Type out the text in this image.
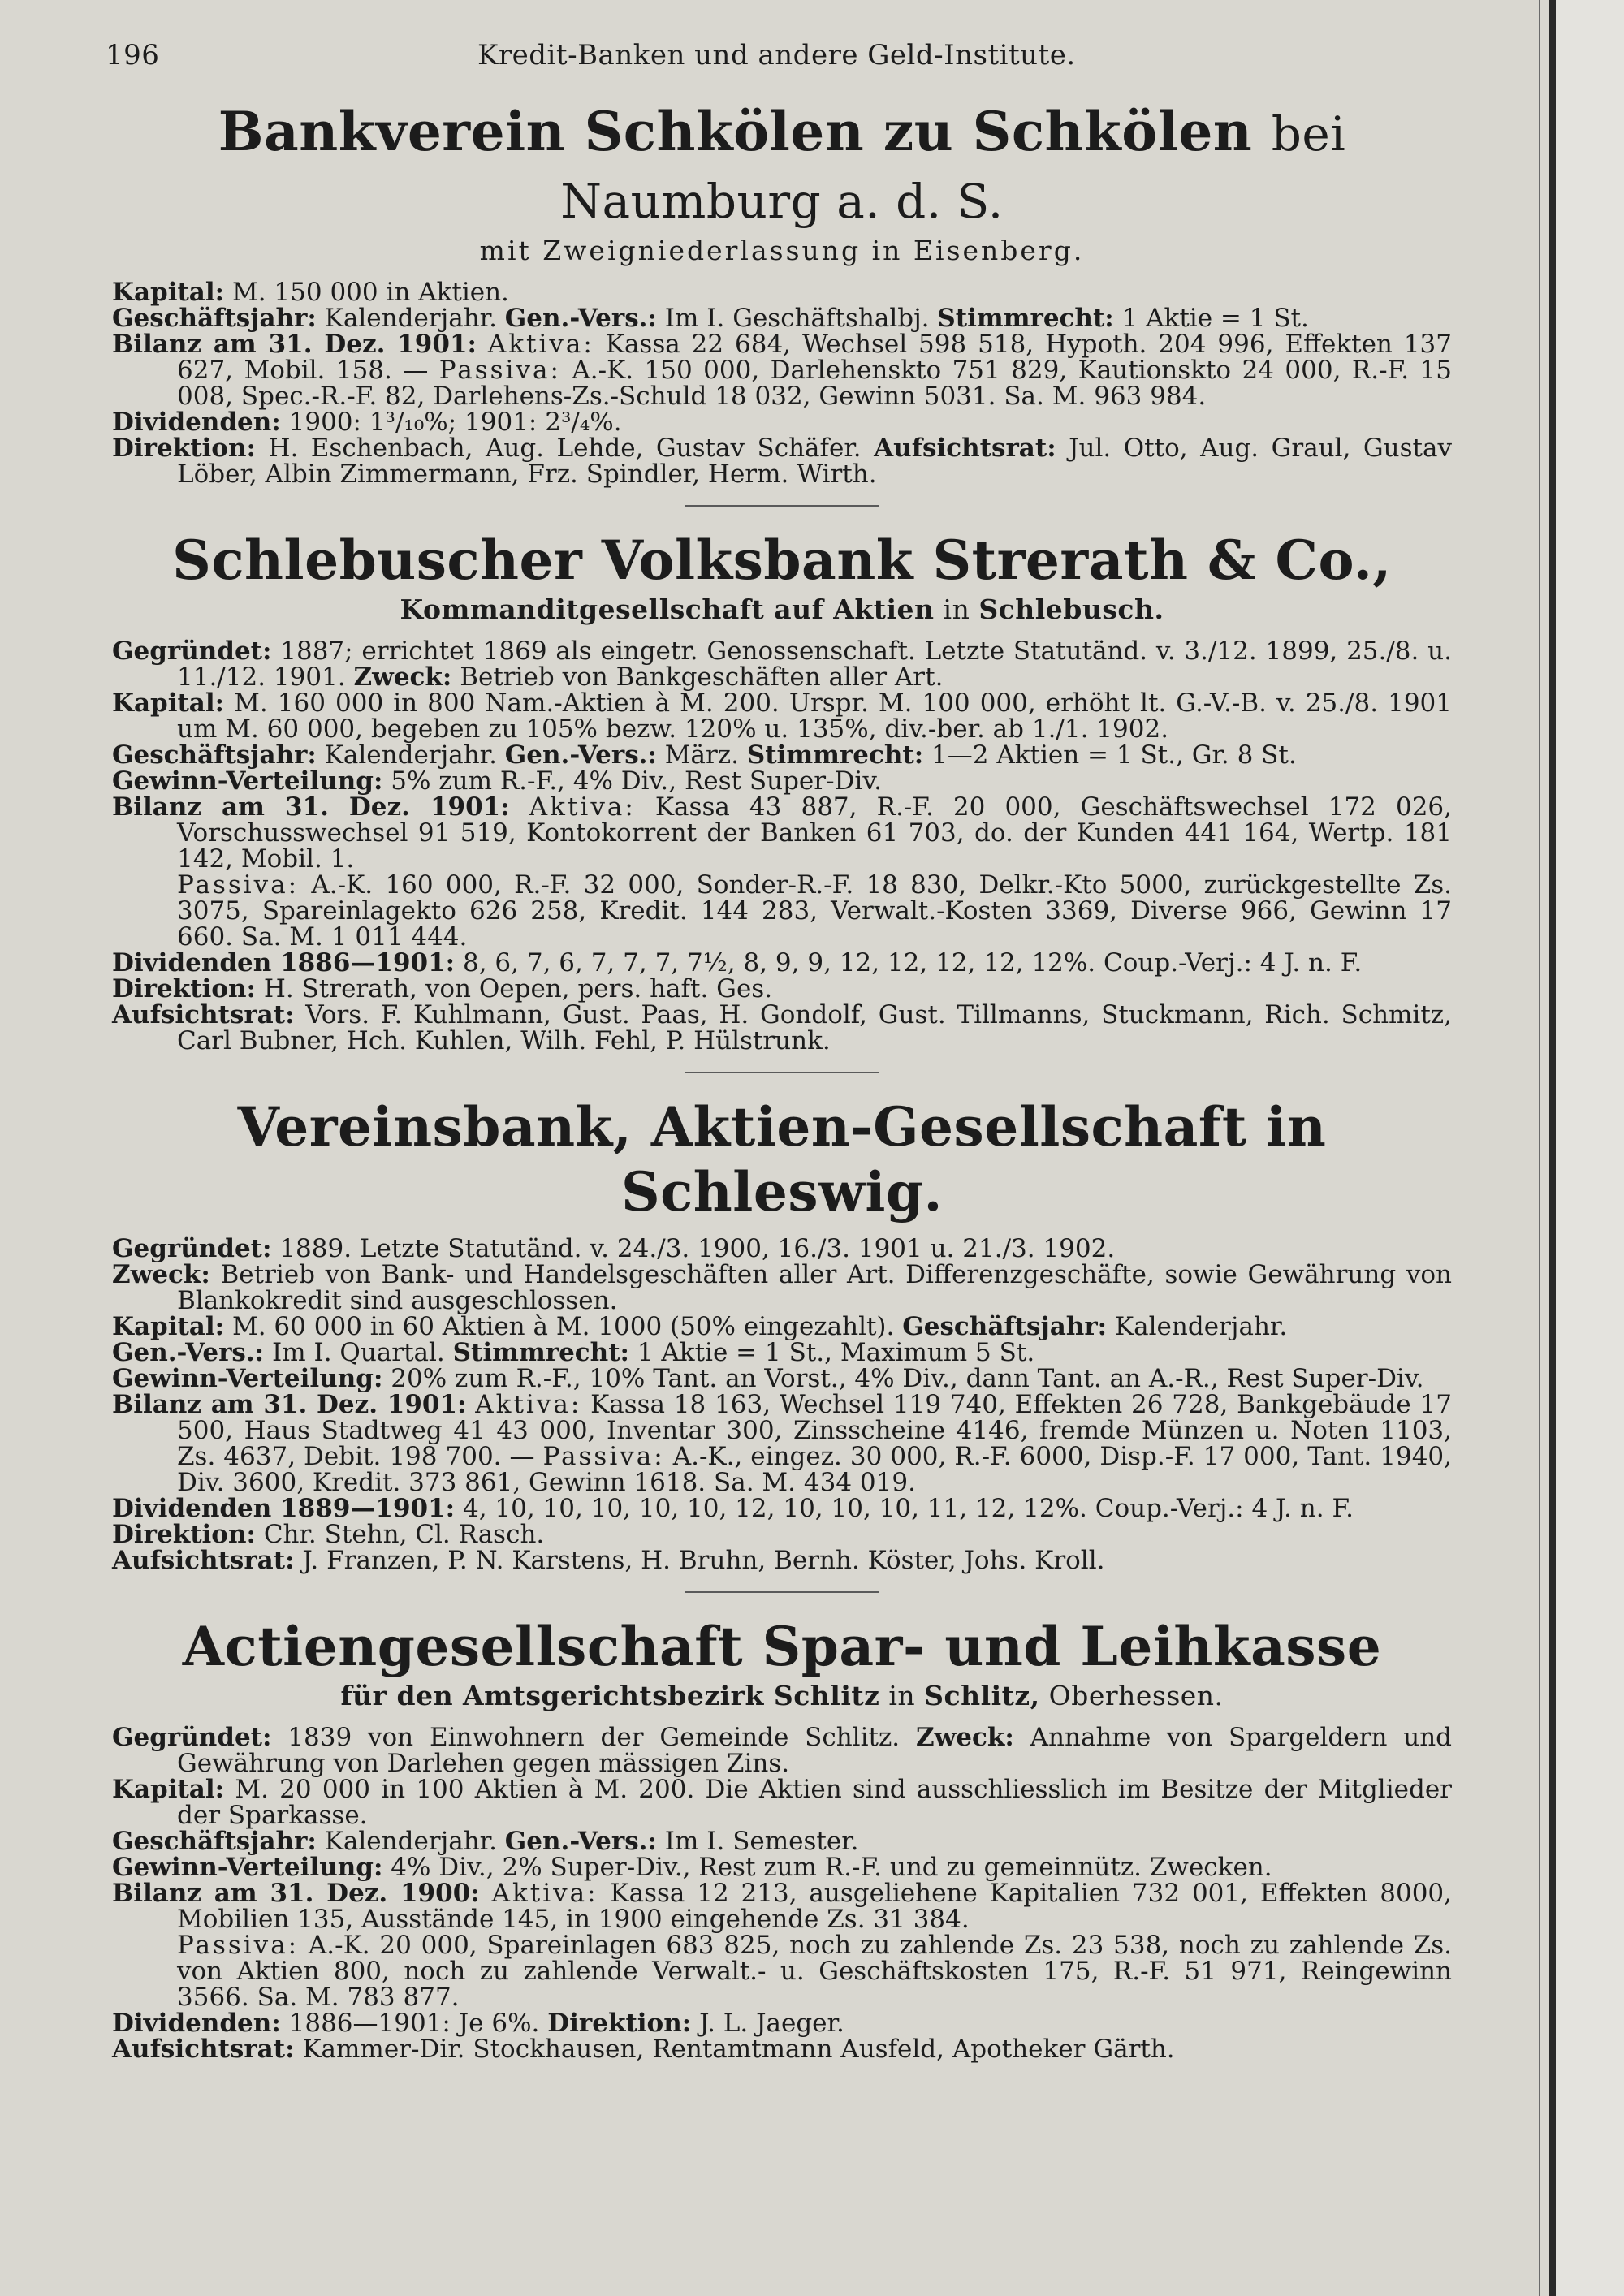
196	Kredit-Banken und andere Geld-Institute.
Bankverein Schkölen zu Schkölen bei Naumburg a. d. S.
mit Zweigniederlassung in Eisenberg.

Kapital: M. 150 000 in Aktien.

Geschäftsjahr: Kalenderjahr. Gen.-Vers.: Im I. Geschäftshalbj. Stimmrecht: 1 Aktie = 1 St.

Bilanz am 31. Dez. 1901: Aktiva: Kassa 22 684, Wechsel 598 518, Hypoth. 204 996, Effekten 137 627, Mobil. 158. — Passiva: A.-K. 150 000, Darlehenskto 751 829, Kautionskto 24 000, R.-F. 15 008, Spec.-R.-F. 82, Darlehens-Zs.-Schuld 18 032, Gewinn 5031. Sa. M. 963 984.

Dividenden: 1900: 1³/₁₀%; 1901: 2³/₄%.

Direktion: H. Eschenbach, Aug. Lehde, Gustav Schäfer. Aufsichtsrat: Jul. Otto, Aug. Graul, Gustav Löber, Albin Zimmermann, Frz. Spindler, Herm. Wirth.

Schlebuscher Volksbank Strerath & Co.,
Kommanditgesellschaft auf Aktien in Schlebusch.

Gegründet: 1887; errichtet 1869 als eingetr. Genossenschaft. Letzte Statutänd. v. 3./12. 1899, 25./8. u. 11./12. 1901. Zweck: Betrieb von Bankgeschäften aller Art.

Kapital: M. 160 000 in 800 Nam.-Aktien à M. 200. Urspr. M. 100 000, erhöht lt. G.-V.-B. v. 25./8. 1901 um M. 60 000, begeben zu 105% bezw. 120% u. 135%, div.-ber. ab 1./1. 1902.

Geschäftsjahr: Kalenderjahr. Gen.-Vers.: März. Stimmrecht: 1—2 Aktien = 1 St., Gr. 8 St.

Gewinn-Verteilung: 5% zum R.-F., 4% Div., Rest Super-Div.

Bilanz am 31. Dez. 1901: Aktiva: Kassa 43 887, R.-F. 20 000, Geschäftswechsel 172 026, Vorschusswechsel 91 519, Kontokorrent der Banken 61 703, do. der Kunden 441 164, Wertp. 181 142, Mobil. 1.

Passiva: A.-K. 160 000, R.-F. 32 000, Sonder-R.-F. 18 830, Delkr.-Kto 5000, zurückgestellte Zs. 3075, Spareinlagekto 626 258, Kredit. 144 283, Verwalt.-Kosten 3369, Diverse 966, Gewinn 17 660. Sa. M. 1 011 444.

Dividenden 1886—1901: 8, 6, 7, 6, 7, 7, 7, 7½, 8, 9, 9, 12, 12, 12, 12, 12%. Coup.-Verj.: 4 J. n. F.

Direktion: H. Strerath, von Oepen, pers. haft. Ges.

Aufsichtsrat: Vors. F. Kuhlmann, Gust. Paas, H. Gondolf, Gust. Tillmanns, Stuckmann, Rich. Schmitz, Carl Bubner, Hch. Kuhlen, Wilh. Fehl, P. Hülstrunk.

Vereinsbank, Aktien-Gesellschaft in Schleswig.

Gegründet: 1889. Letzte Statutänd. v. 24./3. 1900, 16./3. 1901 u. 21./3. 1902.

Zweck: Betrieb von Bank- und Handelsgeschäften aller Art. Differenzgeschäfte, sowie Gewährung von Blankokredit sind ausgeschlossen.

Kapital: M. 60 000 in 60 Aktien à M. 1000 (50% eingezahlt). Geschäftsjahr: Kalenderjahr.

Gen.-Vers.: Im I. Quartal. Stimmrecht: 1 Aktie = 1 St., Maximum 5 St.

Gewinn-Verteilung: 20% zum R.-F., 10% Tant. an Vorst., 4% Div., dann Tant. an A.-R., Rest Super-Div.

Bilanz am 31. Dez. 1901: Aktiva: Kassa 18 163, Wechsel 119 740, Effekten 26 728, Bankgebäude 17 500, Haus Stadtweg 41 43 000, Inventar 300, Zinsscheine 4146, fremde Münzen u. Noten 1103, Zs. 4637, Debit. 198 700. — Passiva: A.-K., eingez. 30 000, R.-F. 6000, Disp.-F. 17 000, Tant. 1940, Div. 3600, Kredit. 373 861, Gewinn 1618. Sa. M. 434 019.

Dividenden 1889—1901: 4, 10, 10, 10, 10, 10, 12, 10, 10, 10, 11, 12, 12%. Coup.-Verj.: 4 J. n. F.

Direktion: Chr. Stehn, Cl. Rasch.

Aufsichtsrat: J. Franzen, P. N. Karstens, H. Bruhn, Bernh. Köster, Johs. Kroll.

Actiengesellschaft Spar- und Leihkasse
für den Amtsgerichtsbezirk Schlitz in Schlitz, Oberhessen.

Gegründet: 1839 von Einwohnern der Gemeinde Schlitz. Zweck: Annahme von Spargeldern und Gewährung von Darlehen gegen mässigen Zins.

Kapital: M. 20 000 in 100 Aktien à M. 200. Die Aktien sind ausschliesslich im Besitze der Mitglieder der Sparkasse.

Geschäftsjahr: Kalenderjahr. Gen.-Vers.: Im I. Semester.

Gewinn-Verteilung: 4% Div., 2% Super-Div., Rest zum R.-F. und zu gemeinnütz. Zwecken.

Bilanz am 31. Dez. 1900: Aktiva: Kassa 12 213, ausgeliehene Kapitalien 732 001, Effekten 8000, Mobilien 135, Ausstände 145, in 1900 eingehende Zs. 31 384.

Passiva: A.-K. 20 000, Spareinlagen 683 825, noch zu zahlende Zs. 23 538, noch zu zahlende Zs. von Aktien 800, noch zu zahlende Verwalt.- u. Geschäftskosten 175, R.-F. 51 971, Reingewinn 3566. Sa. M. 783 877.

Dividenden: 1886—1901: Je 6%. Direktion: J. L. Jaeger.

Aufsichtsrat: Kammer-Dir. Stockhausen, Rentamtmann Ausfeld, Apotheker Gärth.
